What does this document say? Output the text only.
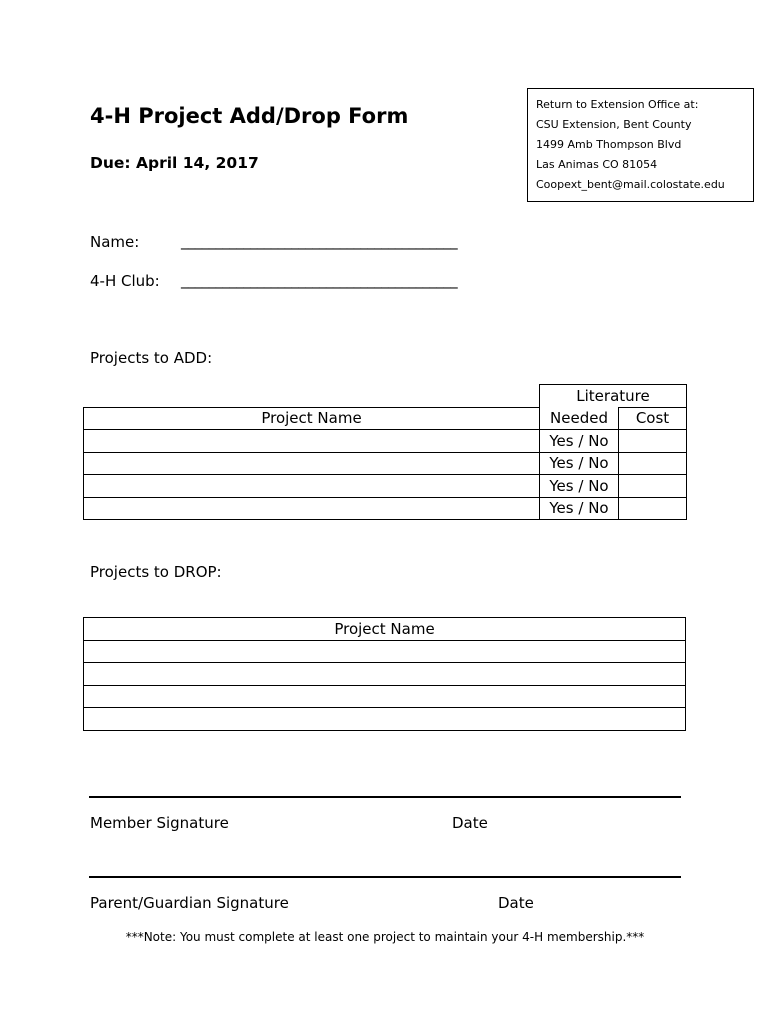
4-H Project Add/Drop Form
Due: April 14, 2017
Return to Extension Office at:
CSU Extension, Bent County
1499 Amb Thompson Blvd
Las Animas CO 81054
Coopext_bent@mail.colostate.edu
Name:	________________________________________
4-H Club: ________________________________________
Projects to ADD:
	Literature	
Project Name	Needed	Cost
	Yes / No	
	Yes / No	
	Yes / No	
	Yes / No	
Projects to DROP:
Project Name

Member Signature	Date
Parent/Guardian Signature	Date
***Note: You must complete at least one project to maintain your 4-H membership.***
